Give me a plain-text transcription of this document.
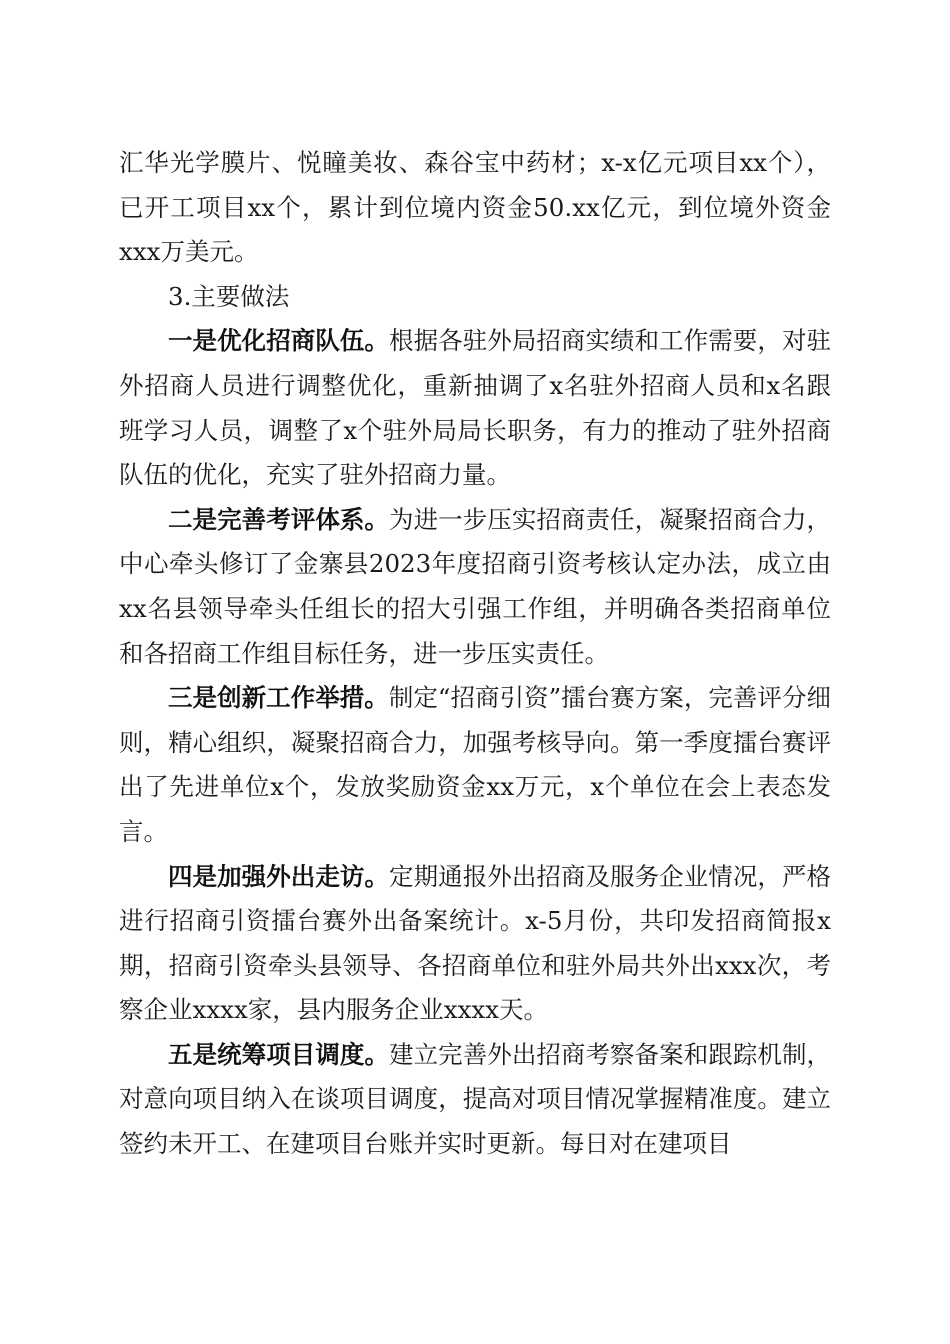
汇华光学膜片、悦瞳美妆、森谷宝中药材；x-x亿元项目xx个），已开工项目xx个，累计到位境内资金50.xx亿元，到位境外资金xxx万美元。

3.主要做法

一是优化招商队伍。根据各驻外局招商实绩和工作需要，对驻外招商人员进行调整优化，重新抽调了x名驻外招商人员和x名跟班学习人员，调整了x个驻外局局长职务，有力的推动了驻外招商队伍的优化，充实了驻外招商力量。

二是完善考评体系。为进一步压实招商责任，凝聚招商合力，中心牵头修订了金寨县2023年度招商引资考核认定办法，成立由xx名县领导牵头任组长的招大引强工作组，并明确各类招商单位和各招商工作组目标任务，进一步压实责任。

三是创新工作举措。制定“招商引资”擂台赛方案，完善评分细则，精心组织，凝聚招商合力，加强考核导向。第一季度擂台赛评出了先进单位x个，发放奖励资金xx万元，x个单位在会上表态发言。

四是加强外出走访。定期通报外出招商及服务企业情况，严格进行招商引资擂台赛外出备案统计。x-5月份，共印发招商简报x期，招商引资牵头县领导、各招商单位和驻外局共外出xxx次，考察企业xxxx家，县内服务企业xxxx天。

五是统筹项目调度。建立完善外出招商考察备案和跟踪机制，对意向项目纳入在谈项目调度，提高对项目情况掌握精准度。建立签约未开工、在建项目台账并实时更新。每日对在建项目
